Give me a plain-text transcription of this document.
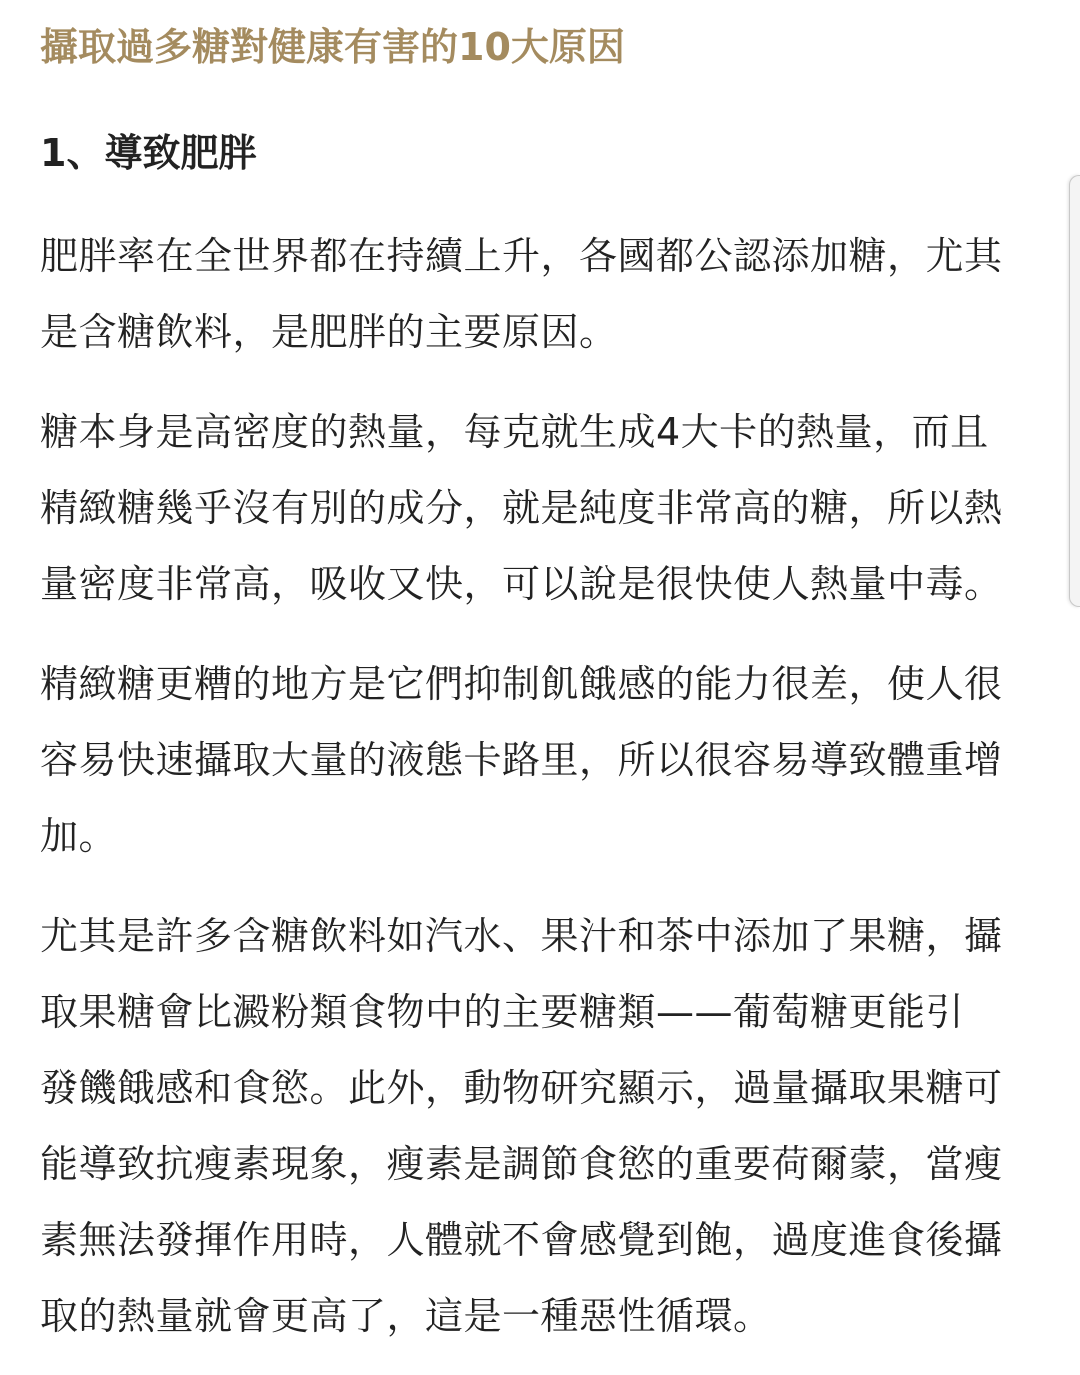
攝取過多糖對健康有害的10大原因
1、導致肥胖

肥胖率在全世界都在持續上升，各國都公認添加糖，尤其

是含糖飲料，是肥胖的主要原因。

糖本身是高密度的熱量，每克就生成4大卡的熱量，而且

精緻糖幾乎沒有別的成分，就是純度非常高的糖，所以熱

量密度非常高，吸收又快，可以說是很快使人熱量中毒。

精緻糖更糟的地方是它們抑制飢餓感的能力很差，使人很

容易快速攝取大量的液態卡路里，所以很容易導致體重增

加。

尤其是許多含糖飲料如汽水、果汁和茶中添加了果糖，攝

取果糖會比澱粉類食物中的主要糖類——葡萄糖更能引

發饑餓感和食慾。此外，動物研究顯示，過量攝取果糖可

能導致抗瘦素現象，瘦素是調節食慾的重要荷爾蒙，當瘦

素無法發揮作用時，人體就不會感覺到飽，過度進食後攝

取的熱量就會更高了，這是一種惡性循環。
